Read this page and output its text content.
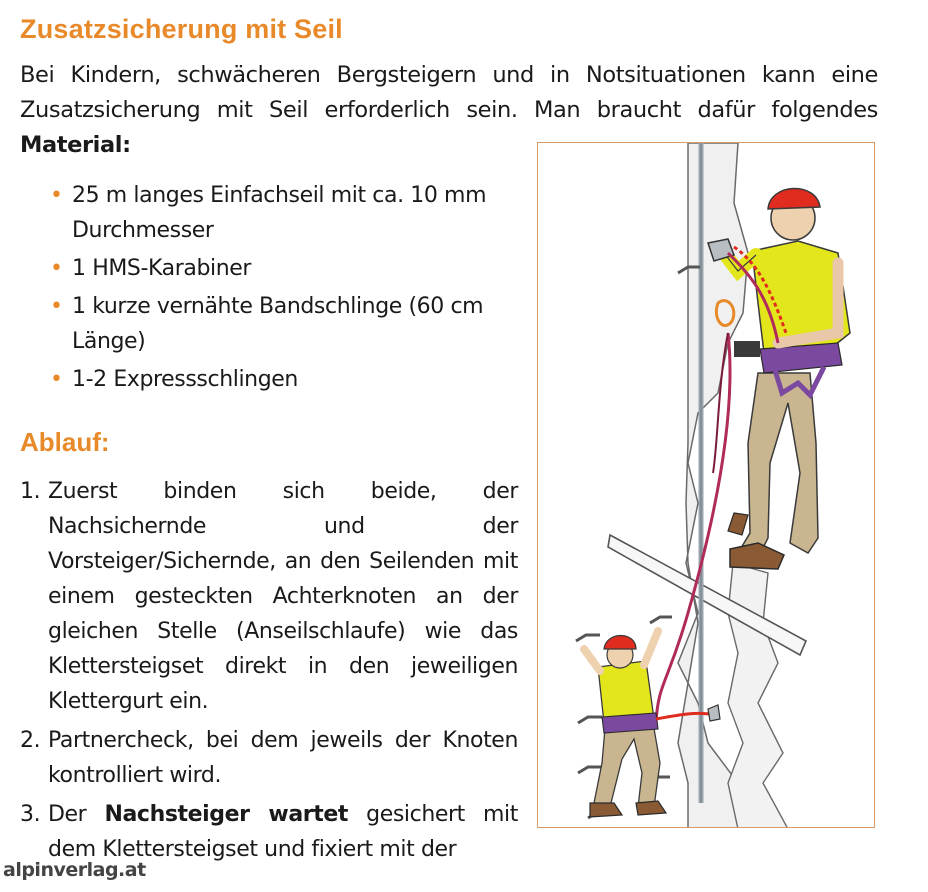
Zusatzsicherung mit Seil
Bei Kindern, schwächeren Bergsteigern und in Notsituationen kann eine Zusatzsicherung mit Seil erforderlich sein. Man braucht dafür folgendes Material:
• 25 m langes Einfachseil mit ca. 10 mm Durchmesser
• 1 HMS-Karabiner
• 1 kurze vernähte Bandschlinge (60 cm Länge)
• 1-2 Expressschlingen
Ablauf:
1. Zuerst binden sich beide, der Nachsichernde und der Vorsteiger/Sichernde, an den Seilenden mit einem gesteckten Achterknoten an der gleichen Stelle (Anseilschlaufe) wie das Klettersteigset direkt in den jeweiligen Klettergurt ein.
2. Partnercheck, bei dem jeweils der Knoten kontrolliert wird.
3. Der Nachsteiger wartet gesichert mit dem Klettersteigset und fixiert mit der
alpinverlag.at
